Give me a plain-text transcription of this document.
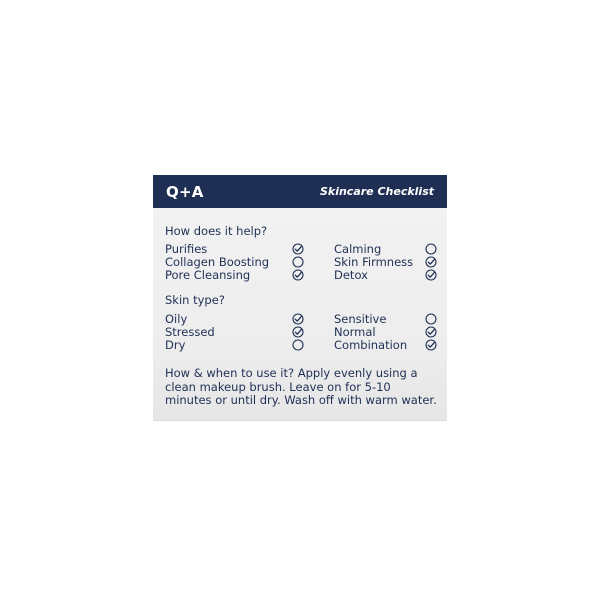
Q+A	Skincare Checklist
How does it help?
Purifies
Collagen Boosting
Pore Cleansing
Calming
Skin Firmness
Detox
Skin type?
Oily
Stressed
Dry
Sensitive
Normal
Combination
How & when to use it? Apply evenly using a clean makeup brush. Leave on for 5-10 minutes or until dry. Wash off with warm water.
